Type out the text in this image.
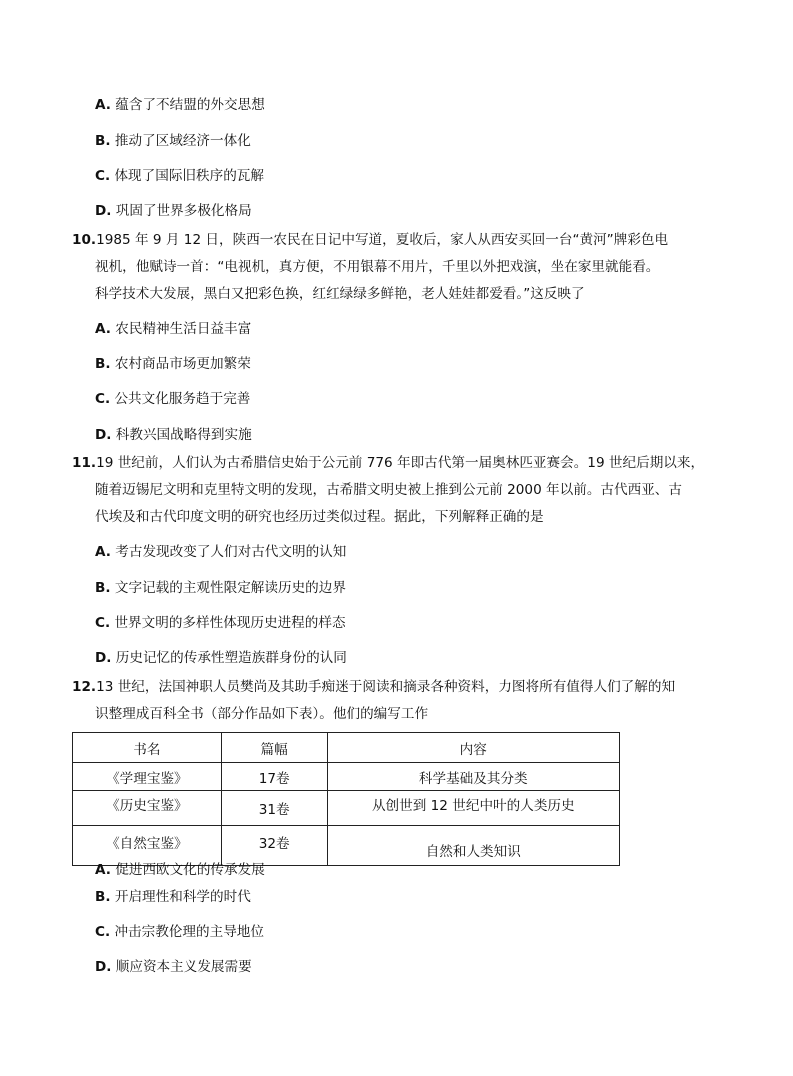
A. 蕴含了不结盟的外交思想
B. 推动了区域经济一体化
C. 体现了国际旧秩序的瓦解
D. 巩固了世界多极化格局
10.1985 年 9 月 12 日，陕西一农民在日记中写道，夏收后，家人从西安买回一台“黄河”牌彩色电
视机，他赋诗一首：“电视机，真方便，不用银幕不用片，千里以外把戏演，坐在家里就能看。
科学技术大发展，黑白又把彩色换，红红绿绿多鲜艳，老人娃娃都爱看。”这反映了
A. 农民精神生活日益丰富
B. 农村商品市场更加繁荣
C. 公共文化服务趋于完善
D. 科教兴国战略得到实施
11.19 世纪前，人们认为古希腊信史始于公元前 776 年即古代第一届奥林匹亚赛会。19 世纪后期以来，
随着迈锡尼文明和克里特文明的发现，古希腊文明史被上推到公元前 2000 年以前。古代西亚、古
代埃及和古代印度文明的研究也经历过类似过程。据此，下列解释正确的是
A. 考古发现改变了人们对古代文明的认知
B. 文字记载的主观性限定解读历史的边界
C. 世界文明的多样性体现历史进程的样态
D. 历史记忆的传承性塑造族群身份的认同
12.13 世纪，法国神职人员樊尚及其助手痴迷于阅读和摘录各种资料，力图将所有值得人们了解的知
识整理成百科全书（部分作品如下表）。他们的编写工作
书名	篇幅	内容
《学理宝鉴》	17卷	科学基础及其分类
《历史宝鉴》	31卷	从创世到 12 世纪中叶的人类历史
《自然宝鉴》	32卷	自然和人类知识
A. 促进西欧文化的传承发展
B. 开启理性和科学的时代
C. 冲击宗教伦理的主导地位
D. 顺应资本主义发展需要
